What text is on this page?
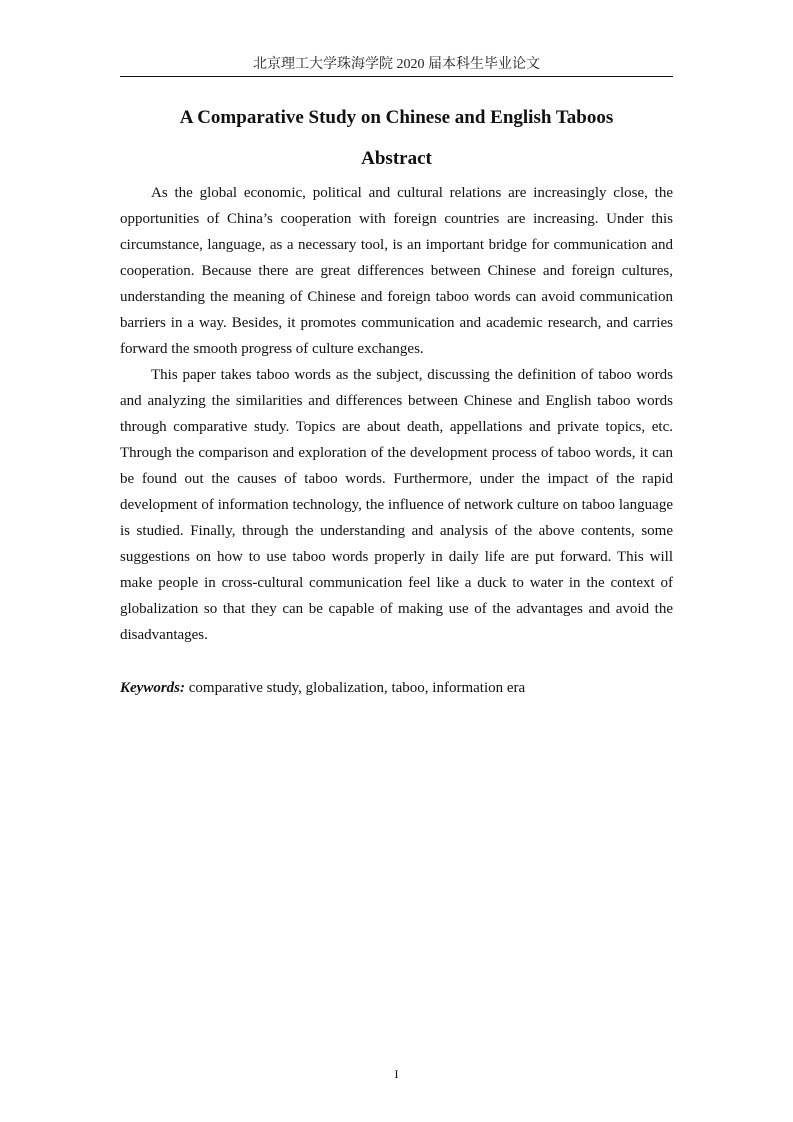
北京理工大学珠海学院 2020 届本科生毕业论文
A Comparative Study on Chinese and English Taboos
Abstract

As the global economic, political and cultural relations are increasingly close, the opportunities of China’s cooperation with foreign countries are increasing. Under this circumstance, language, as a necessary tool, is an important bridge for communication and cooperation. Because there are great differences between Chinese and foreign cultures, understanding the meaning of Chinese and foreign taboo words can avoid communication barriers in a way. Besides, it promotes communication and academic research, and carries forward the smooth progress of culture exchanges.

This paper takes taboo words as the subject, discussing the definition of taboo words and analyzing the similarities and differences between Chinese and English taboo words through comparative study. Topics are about death, appellations and private topics, etc. Through the comparison and exploration of the development process of taboo words, it can be found out the causes of taboo words. Furthermore, under the impact of the rapid development of information technology, the influence of network culture on taboo language is studied. Finally, through the understanding and analysis of the above contents, some suggestions on how to use taboo words properly in daily life are put forward. This will make people in cross-cultural communication feel like a duck to water in the context of globalization so that they can be capable of making use of the advantages and avoid the disadvantages.

Keywords: comparative study, globalization, taboo, information era
I
